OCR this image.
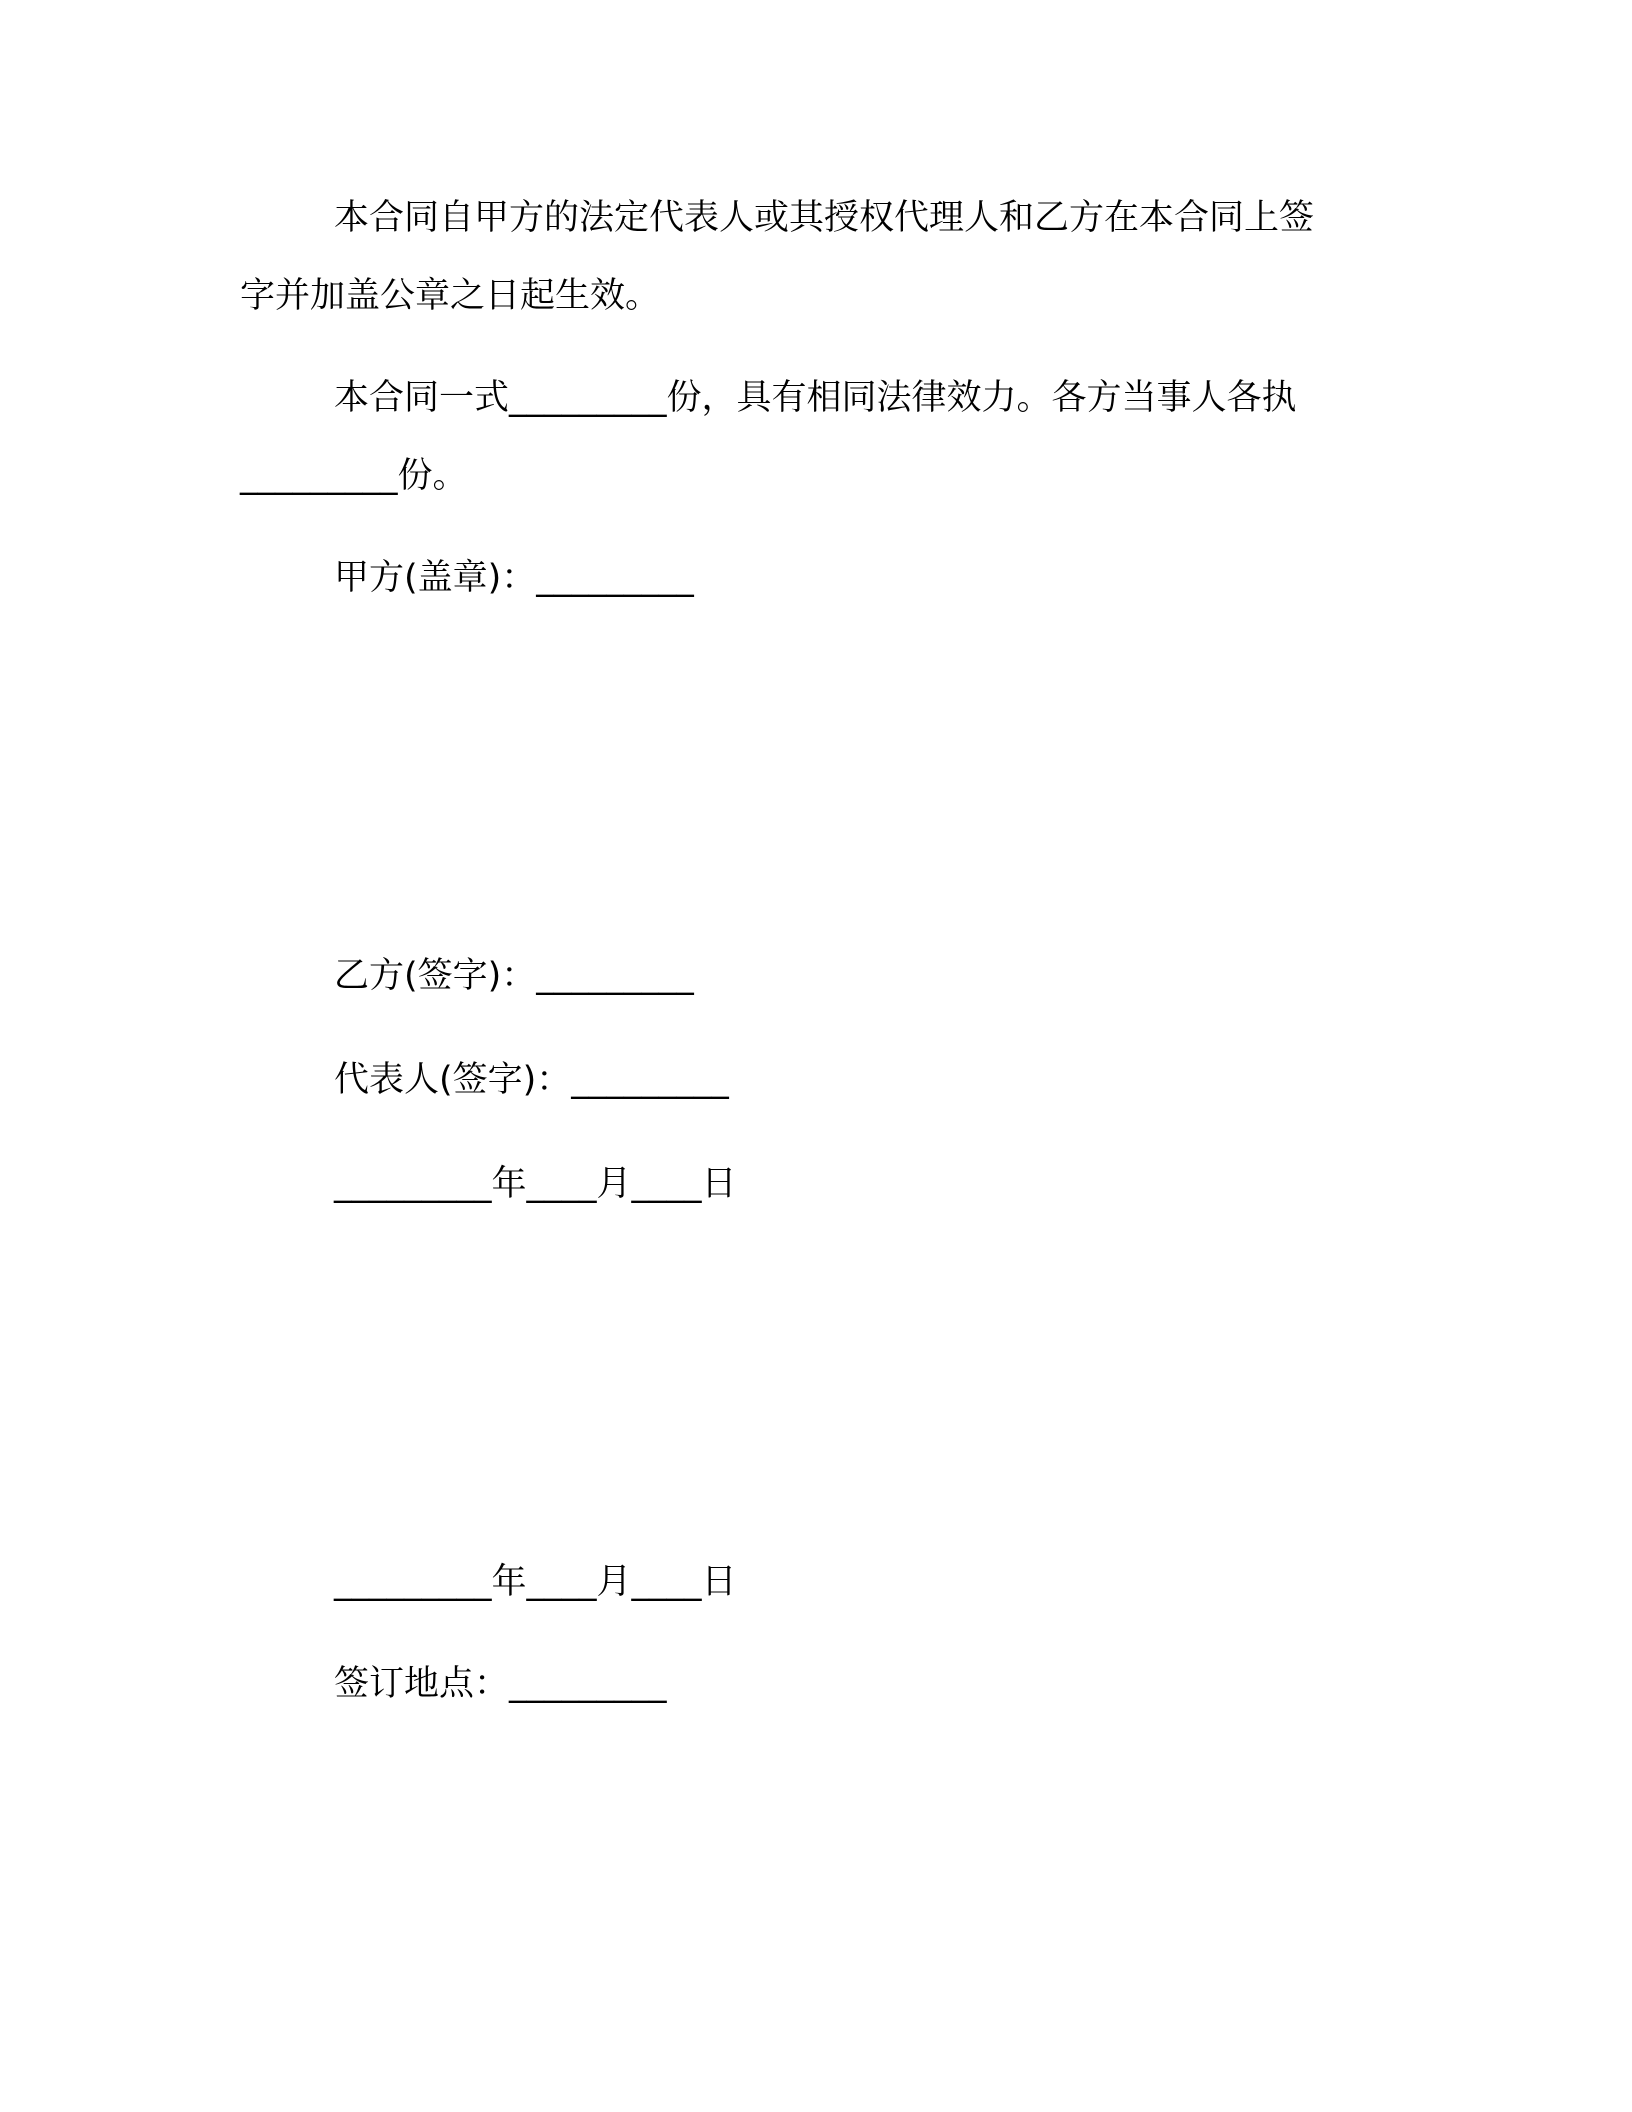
本合同自甲方的法定代表人或其授权代理人和乙方在本合同上签

字并加盖公章之日起生效。

本合同一式_________份，具有相同法律效力。各方当事人各执

_________份。

甲方(盖章)：_________

乙方(签字)：_________

代表人(签字)：_________

_________年____月____日

_________年____月____日

签订地点：_________
